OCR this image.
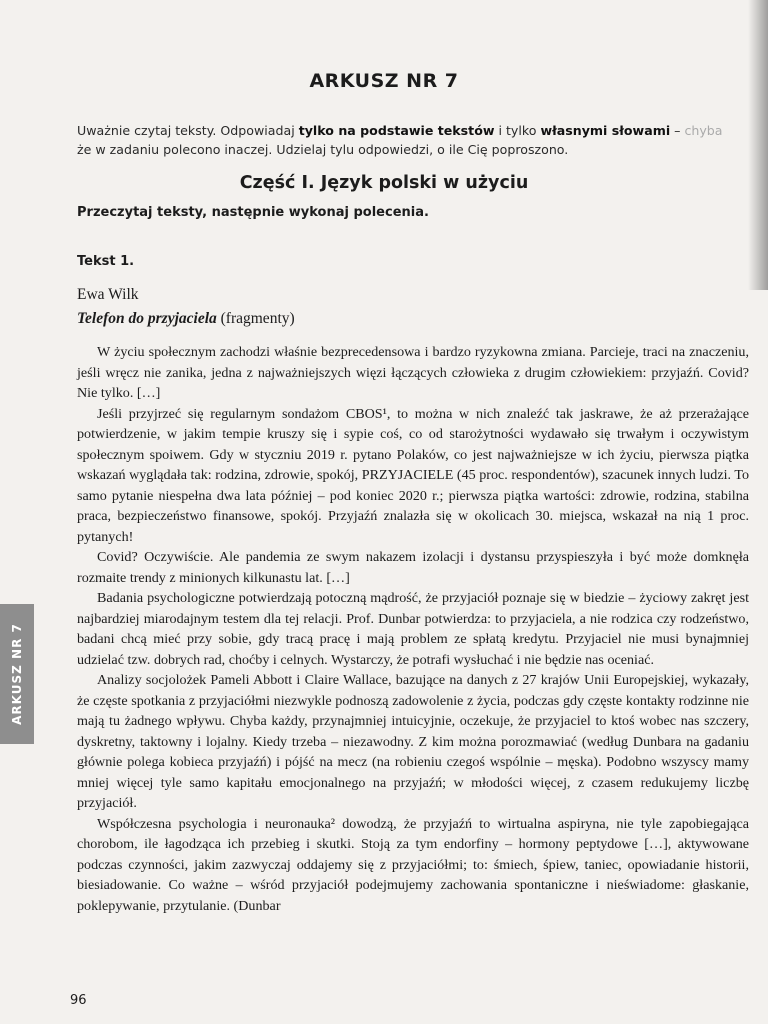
ARKUSZ NR 7
Uważnie czytaj teksty. Odpowiadaj tylko na podstawie tekstów i tylko własnymi słowami – chyba
że w zadaniu polecono inaczej. Udzielaj tylu odpowiedzi, o ile Cię poproszono.
Część I. Język polski w użyciu
Przeczytaj teksty, następnie wykonaj polecenia.
Tekst 1.
Ewa Wilk
Telefon do przyjaciela (fragmenty)

W życiu społecznym zachodzi właśnie bezprecedensowa i bardzo ryzykowna zmiana. Parcieje, traci na znaczeniu, jeśli wręcz nie zanika, jedna z najważniejszych więzi łączących człowieka z drugim człowiekiem: przyjaźń. Covid? Nie tylko. […]

Jeśli przyjrzeć się regularnym sondażom CBOS¹, to można w nich znaleźć tak jaskrawe, że aż przerażające potwierdzenie, w jakim tempie kruszy się i sypie coś, co od starożytności wydawało się trwałym i oczywistym społecznym spoiwem. Gdy w styczniu 2019 r. pytano Polaków, co jest najważniejsze w ich życiu, pierwsza piątka wskazań wyglądała tak: rodzina, zdrowie, spokój, PRZYJACIELE (45 proc. respondentów), szacunek innych ludzi. To samo pytanie niespełna dwa lata później – pod koniec 2020 r.; pierwsza piątka wartości: zdrowie, rodzina, stabilna praca, bezpieczeństwo finansowe, spokój. Przyjaźń znalazła się w okolicach 30. miejsca, wskazał na nią 1 proc. pytanych!

Covid? Oczywiście. Ale pandemia ze swym nakazem izolacji i dystansu przyspieszyła i być może domknęła rozmaite trendy z minionych kilkunastu lat. […]

Badania psychologiczne potwierdzają potoczną mądrość, że przyjaciół poznaje się w biedzie – życiowy zakręt jest najbardziej miarodajnym testem dla tej relacji. Prof. Dunbar potwierdza: to przyjaciela, a nie rodzica czy rodzeństwo, badani chcą mieć przy sobie, gdy tracą pracę i mają problem ze spłatą kredytu. Przyjaciel nie musi bynajmniej udzielać tzw. dobrych rad, choćby i celnych. Wystarczy, że potrafi wysłuchać i nie będzie nas oceniać.

Analizy socjolożek Pameli Abbott i Claire Wallace, bazujące na danych z 27 krajów Unii Europejskiej, wykazały, że częste spotkania z przyjaciółmi niezwykle podnoszą zadowolenie z życia, podczas gdy częste kontakty rodzinne nie mają tu żadnego wpływu. Chyba każdy, przynajmniej intuicyjnie, oczekuje, że przyjaciel to ktoś wobec nas szczery, dyskretny, taktowny i lojalny. Kiedy trzeba – niezawodny. Z kim można porozmawiać (według Dunbara na gadaniu głównie polega kobieca przyjaźń) i pójść na mecz (na robieniu czegoś wspólnie – męska). Podobno wszyscy mamy mniej więcej tyle samo kapitału emocjonalnego na przyjaźń; w młodości więcej, z czasem redukujemy liczbę przyjaciół.

Współczesna psychologia i neuronauka² dowodzą, że przyjaźń to wirtualna aspiryna, nie tyle zapobiegająca chorobom, ile łagodząca ich przebieg i skutki. Stoją za tym endorfiny – hormony peptydowe […], aktywowane podczas czynności, jakim zazwyczaj oddajemy się z przyjaciółmi; to: śmiech, śpiew, taniec, opowiadanie historii, biesiadowanie. Co ważne – wśród przyjaciół podejmujemy zachowania spontaniczne i nieświadome: głaskanie, poklepywanie, przytulanie. (Dunbar

ARKUSZ NR 7
96
